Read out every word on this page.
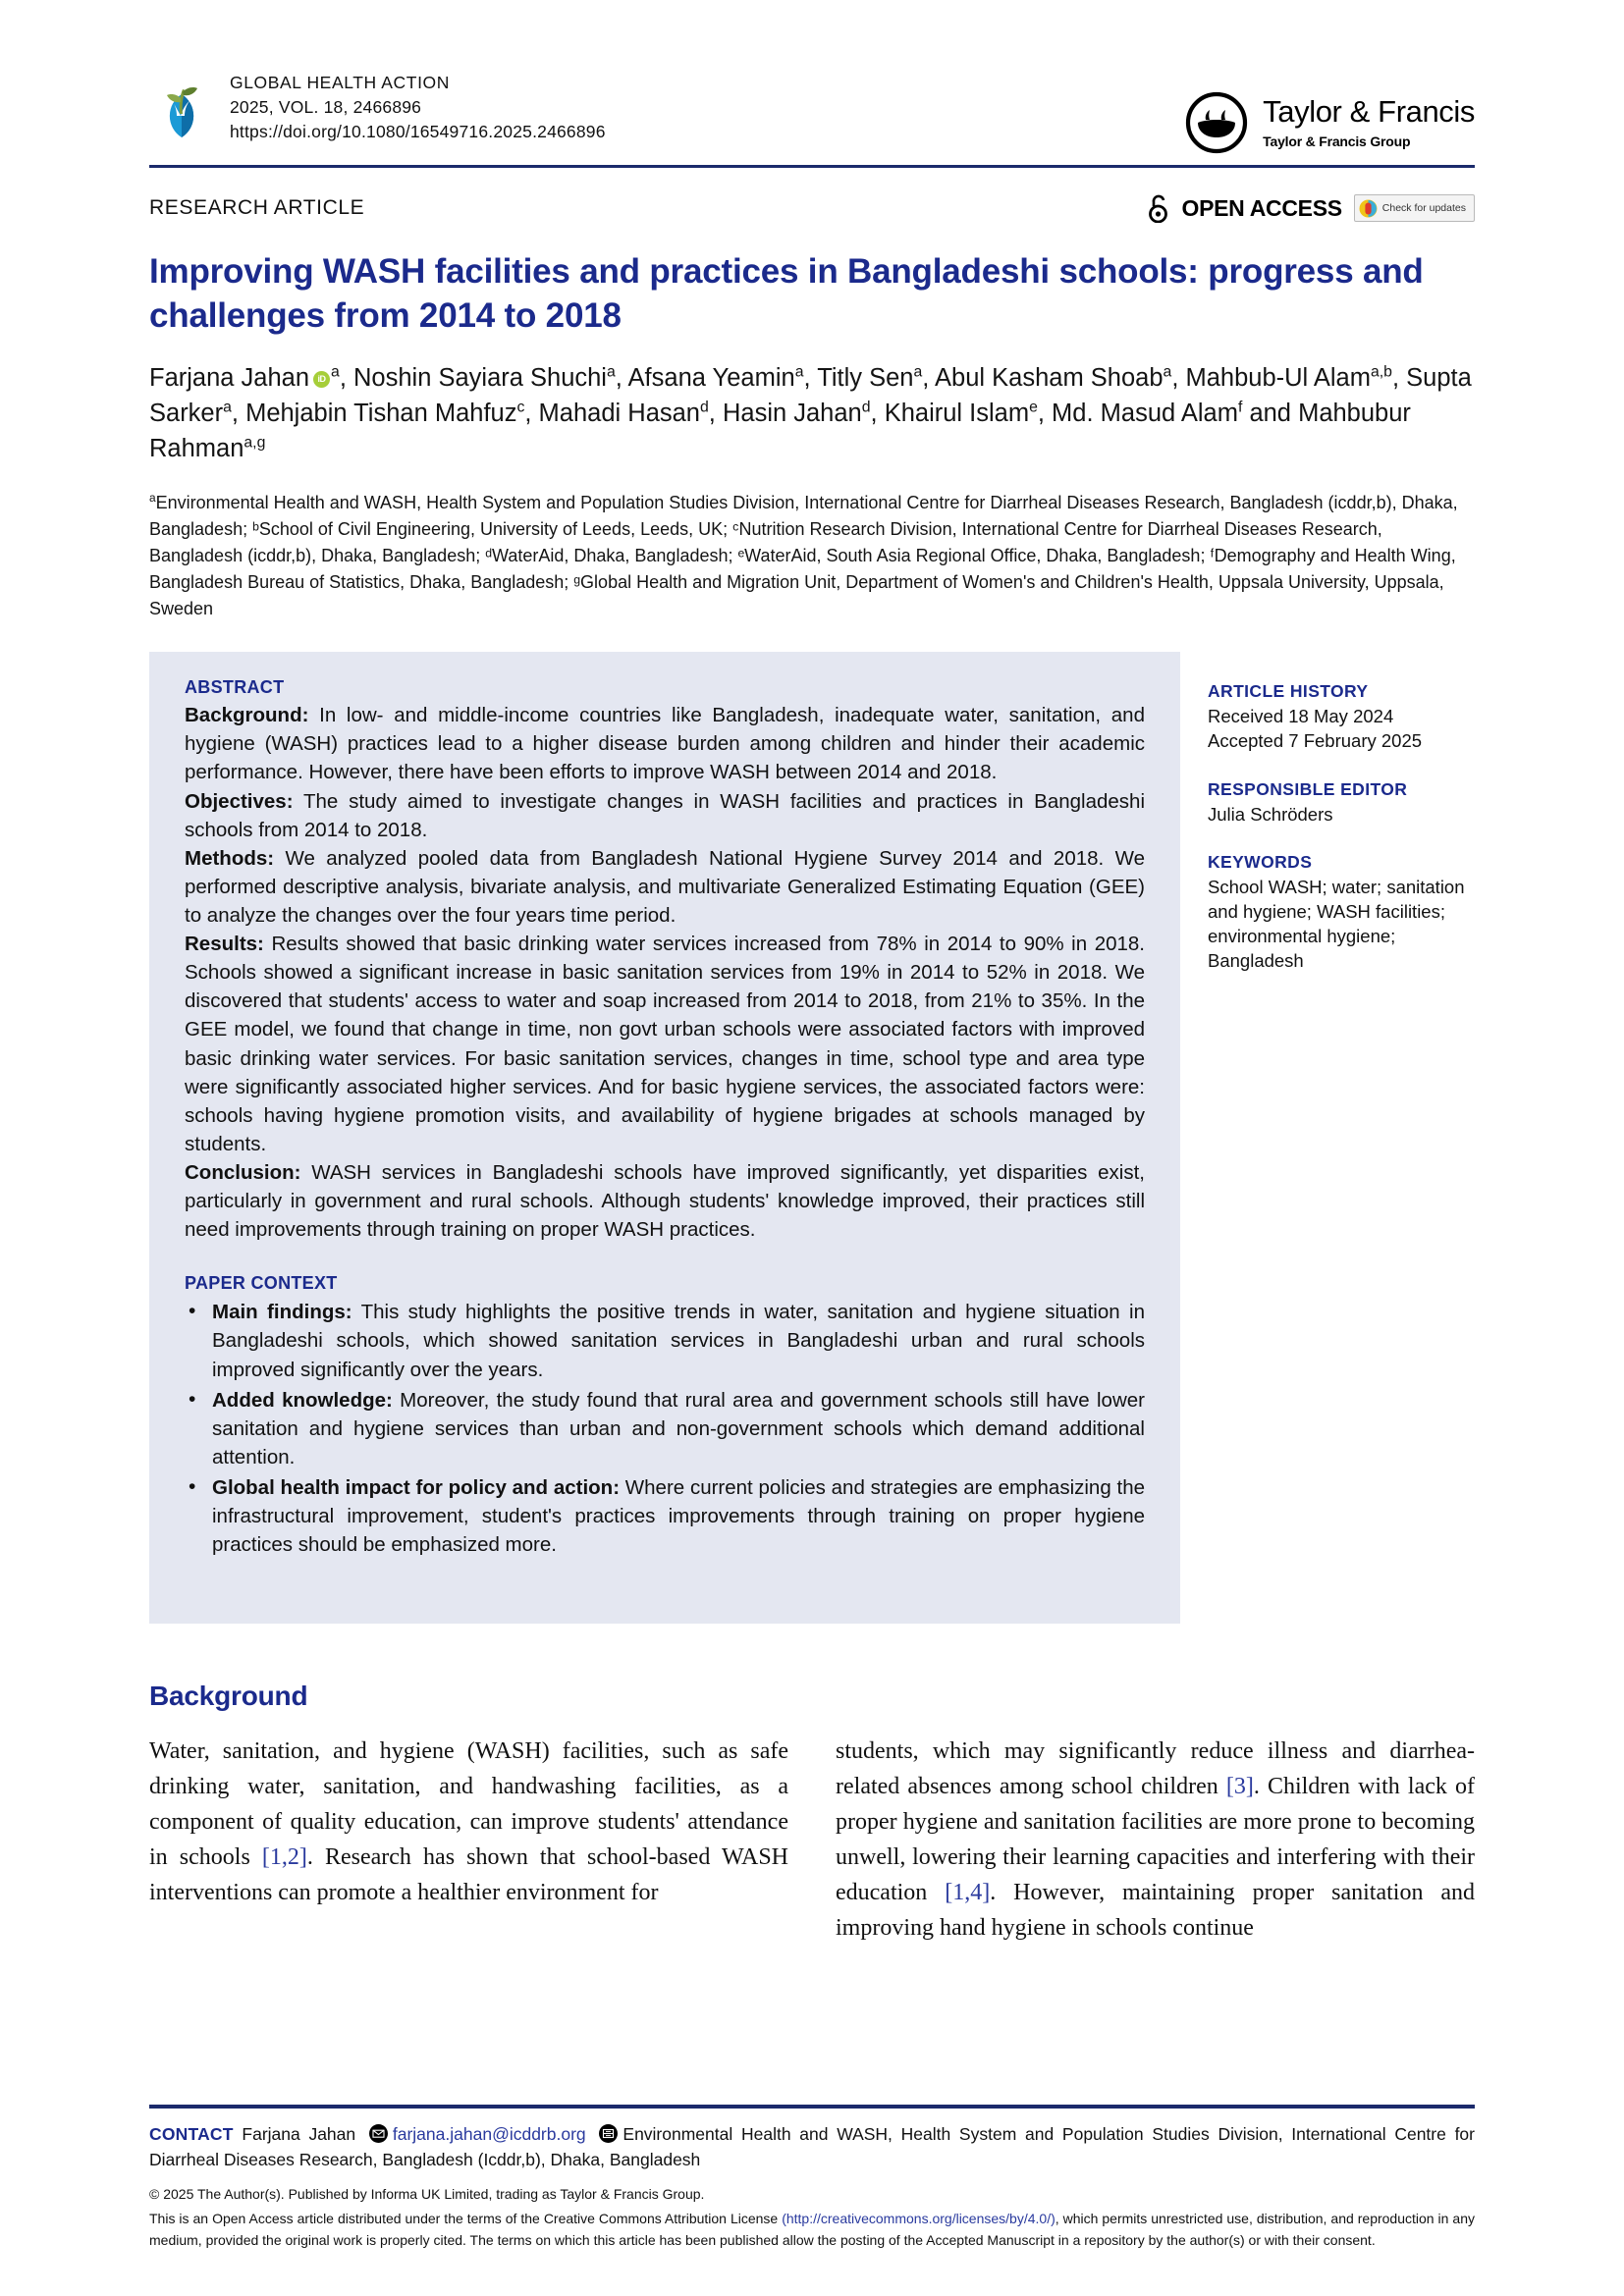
GLOBAL HEALTH ACTION
2025, VOL. 18, 2466896
https://doi.org/10.1080/16549716.2025.2466896
Taylor & Francis
Taylor & Francis Group
RESEARCH ARTICLE	OPEN ACCESS	Check for updates
Improving WASH facilities and practices in Bangladeshi schools: progress and challenges from 2014 to 2018
Farjana Jahan iD $^a$, Noshin Sayiara Shuchi$^a$, Afsana Yeamin$^a$, Titly Sen$^a$, Abul Kasham Shoab$^a$, Mahbub-Ul Alam$^{a,b}$, Supta Sarker$^a$, Mehjabin Tishan Mahfuz$^c$, Mahadi Hasan$^d$, Hasin Jahan$^d$, Khairul Islam$^e$, Md. Masud Alam$^f$ and Mahbubur Rahman$^{a,g}$
$^a$Environmental Health and WASH, Health System and Population Studies Division, International Centre for Diarrheal Diseases Research, Bangladesh (icddr,b), Dhaka, Bangladesh; ᵇSchool of Civil Engineering, University of Leeds, Leeds, UK; ᶜNutrition Research Division, International Centre for Diarrheal Diseases Research, Bangladesh (icddr,b), Dhaka, Bangladesh; ᵈWaterAid, Dhaka, Bangladesh; ᵉWaterAid, South Asia Regional Office, Dhaka, Bangladesh; ᶠDemography and Health Wing, Bangladesh Bureau of Statistics, Dhaka, Bangladesh; ᵍGlobal Health and Migration Unit, Department of Women's and Children's Health, Uppsala University, Uppsala, Sweden
ABSTRACT

Background: In low- and middle-income countries like Bangladesh, inadequate water, sanitation, and hygiene (WASH) practices lead to a higher disease burden among children and hinder their academic performance. However, there have been efforts to improve WASH between 2014 and 2018.

Objectives: The study aimed to investigate changes in WASH facilities and practices in Bangladeshi schools from 2014 to 2018.

Methods: We analyzed pooled data from Bangladesh National Hygiene Survey 2014 and 2018. We performed descriptive analysis, bivariate analysis, and multivariate Generalized Estimating Equation (GEE) to analyze the changes over the four years time period.

Results: Results showed that basic drinking water services increased from 78% in 2014 to 90% in 2018. Schools showed a significant increase in basic sanitation services from 19% in 2014 to 52% in 2018. We discovered that students' access to water and soap increased from 2014 to 2018, from 21% to 35%. In the GEE model, we found that change in time, non govt urban schools were associated factors with improved basic drinking water services. For basic sanitation services, changes in time, school type and area type were significantly associated higher services. And for basic hygiene services, the associated factors were: schools having hygiene promotion visits, and availability of hygiene brigades at schools managed by students.

Conclusion: WASH services in Bangladeshi schools have improved significantly, yet disparities exist, particularly in government and rural schools. Although students' knowledge improved, their practices still need improvements through training on proper WASH practices.

PAPER CONTEXT
• Main findings: This study highlights the positive trends in water, sanitation and hygiene situation in Bangladeshi schools, which showed sanitation services in Bangladeshi urban and rural schools improved significantly over the years.
• Added knowledge: Moreover, the study found that rural area and government schools still have lower sanitation and hygiene services than urban and non-government schools which demand additional attention.
• Global health impact for policy and action: Where current policies and strategies are emphasizing the infrastructural improvement, student's practices improvements through training on proper hygiene practices should be emphasized more.
ARTICLE HISTORY
Received 18 May 2024
Accepted 7 February 2025
RESPONSIBLE EDITOR
Julia Schröders
KEYWORDS
School WASH; water; sanitation and hygiene; WASH facilities; environmental hygiene; Bangladesh
Background

Water, sanitation, and hygiene (WASH) facilities, such as safe drinking water, sanitation, and handwashing facilities, as a component of quality education, can improve students' attendance in schools [1,2]. Research has shown that school-based WASH interventions can promote a healthier environment for

students, which may significantly reduce illness and diarrhea-related absences among school children [3]. Children with lack of proper hygiene and sanitation facilities are more prone to becoming unwell, lowering their learning capacities and interfering with their education [1,4]. However, maintaining proper sanitation and improving hand hygiene in schools continue

CONTACT Farjana Jahan farjana.jahan@icddrb.org Environmental Health and WASH, Health System and Population Studies Division, International Centre for Diarrheal Diseases Research, Bangladesh (Icddr,b), Dhaka, Bangladesh
© 2025 The Author(s). Published by Informa UK Limited, trading as Taylor & Francis Group.
This is an Open Access article distributed under the terms of the Creative Commons Attribution License (http://creativecommons.org/licenses/by/4.0/), which permits unrestricted use, distribution, and reproduction in any medium, provided the original work is properly cited. The terms on which this article has been published allow the posting of the Accepted Manuscript in a repository by the author(s) or with their consent.
